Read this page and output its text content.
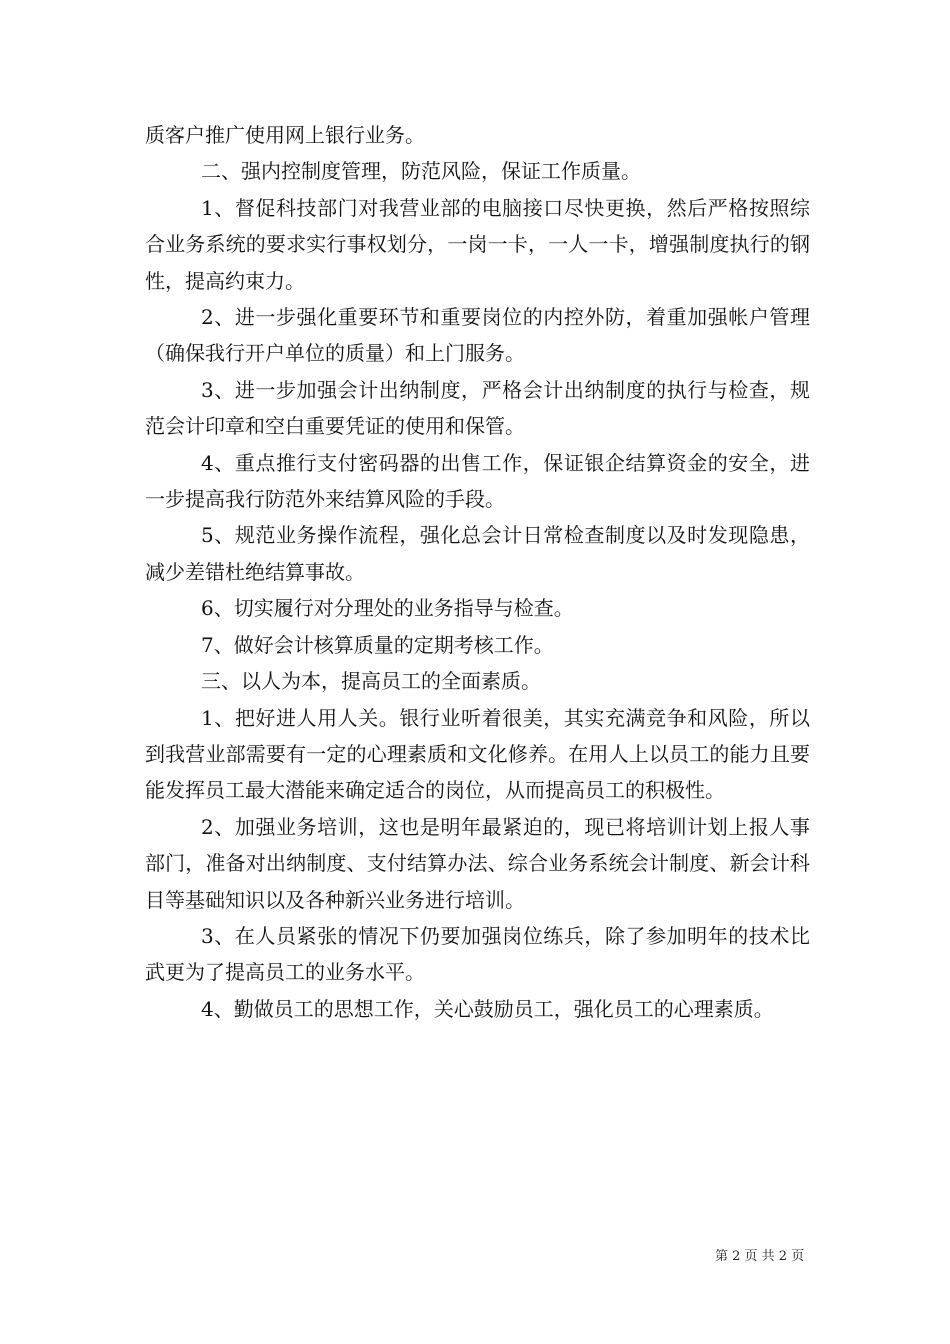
质客户推广使用网上银行业务。

二、强内控制度管理，防范风险，保证工作质量。

1、督促科技部门对我营业部的电脑接口尽快更换，然后严格按照综合业务系统的要求实行事权划分，一岗一卡，一人一卡，增强制度执行的钢性，提高约束力。

2、进一步强化重要环节和重要岗位的内控外防，着重加强帐户管理（确保我行开户单位的质量）和上门服务。

3、进一步加强会计出纳制度，严格会计出纳制度的执行与检查，规范会计印章和空白重要凭证的使用和保管。

4、重点推行支付密码器的出售工作，保证银企结算资金的安全，进一步提高我行防范外来结算风险的手段。

5、规范业务操作流程，强化总会计日常检查制度以及时发现隐患，减少差错杜绝结算事故。

6、切实履行对分理处的业务指导与检查。

7、做好会计核算质量的定期考核工作。

三、以人为本，提高员工的全面素质。

1、把好进人用人关。银行业听着很美，其实充满竞争和风险，所以到我营业部需要有一定的心理素质和文化修养。在用人上以员工的能力且要能发挥员工最大潜能来确定适合的岗位，从而提高员工的积极性。

2、加强业务培训，这也是明年最紧迫的，现已将培训计划上报人事部门，准备对出纳制度、支付结算办法、综合业务系统会计制度、新会计科目等基础知识以及各种新兴业务进行培训。

3、在人员紧张的情况下仍要加强岗位练兵，除了参加明年的技术比武更为了提高员工的业务水平。

4、勤做员工的思想工作，关心鼓励员工，强化员工的心理素质。

第 2 页 共 2 页
